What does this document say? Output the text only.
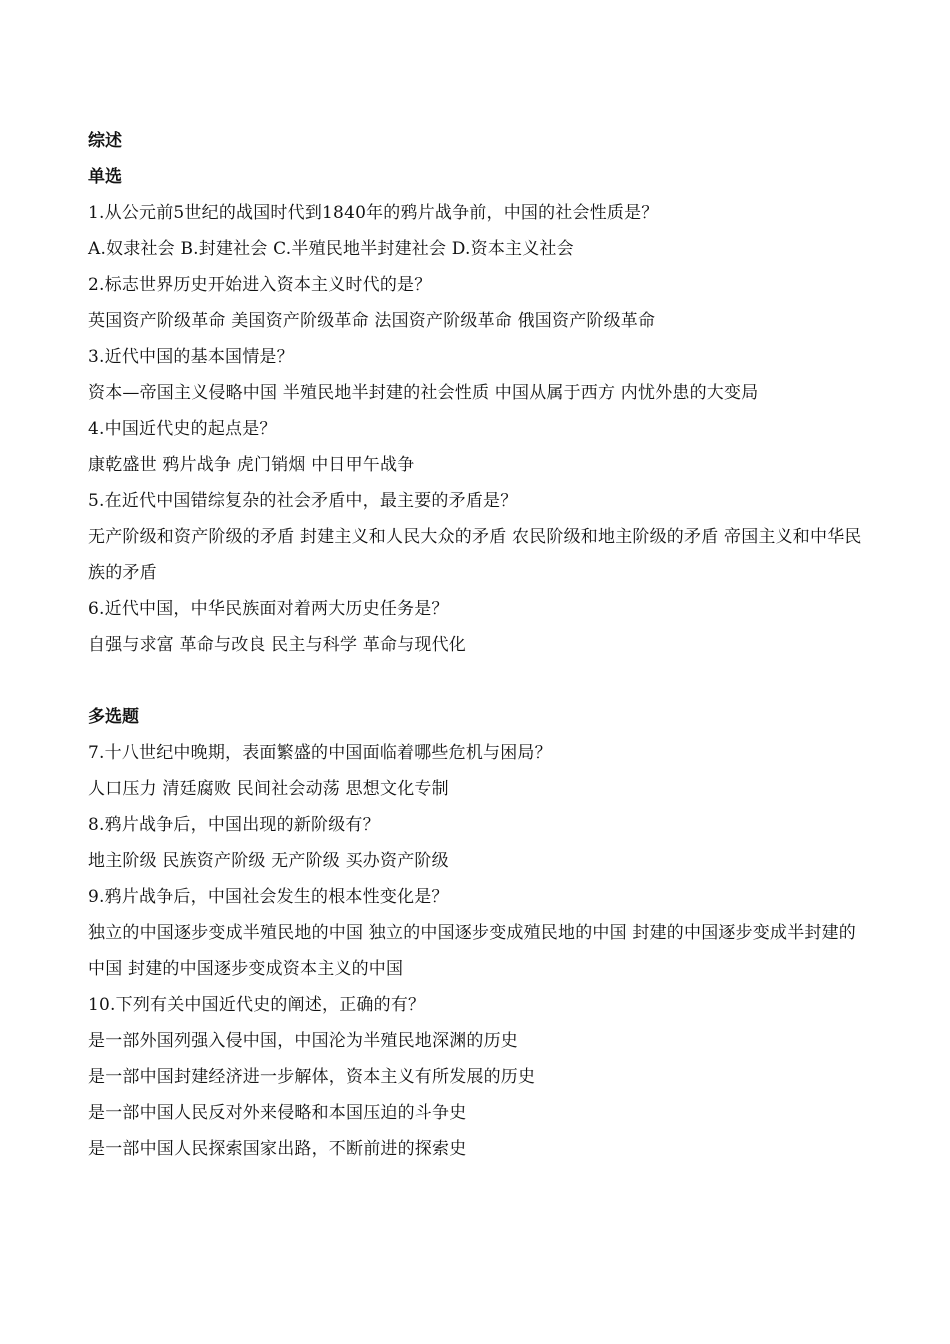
综述
单选
1.从公元前5世纪的战国时代到1840年的鸦片战争前，中国的社会性质是？
A.奴隶社会 B.封建社会 C.半殖民地半封建社会 D.资本主义社会
2.标志世界历史开始进入资本主义时代的是？
英国资产阶级革命 美国资产阶级革命 法国资产阶级革命 俄国资产阶级革命
3.近代中国的基本国情是？
资本—帝国主义侵略中国 半殖民地半封建的社会性质 中国从属于西方 内忧外患的大变局
4.中国近代史的起点是？
康乾盛世 鸦片战争 虎门销烟 中日甲午战争
5.在近代中国错综复杂的社会矛盾中，最主要的矛盾是？
无产阶级和资产阶级的矛盾 封建主义和人民大众的矛盾 农民阶级和地主阶级的矛盾 帝国主义和中华民族的矛盾
6.近代中国，中华民族面对着两大历史任务是？
自强与求富 革命与改良 民主与科学 革命与现代化
多选题
7.十八世纪中晚期，表面繁盛的中国面临着哪些危机与困局？
人口压力 清廷腐败 民间社会动荡 思想文化专制
8.鸦片战争后，中国出现的新阶级有？
地主阶级 民族资产阶级 无产阶级 买办资产阶级
9.鸦片战争后，中国社会发生的根本性变化是？
独立的中国逐步变成半殖民地的中国 独立的中国逐步变成殖民地的中国 封建的中国逐步变成半封建的中国 封建的中国逐步变成资本主义的中国
10.下列有关中国近代史的阐述，正确的有？
是一部外国列强入侵中国，中国沦为半殖民地深渊的历史
是一部中国封建经济进一步解体，资本主义有所发展的历史
是一部中国人民反对外来侵略和本国压迫的斗争史
是一部中国人民探索国家出路，不断前进的探索史
